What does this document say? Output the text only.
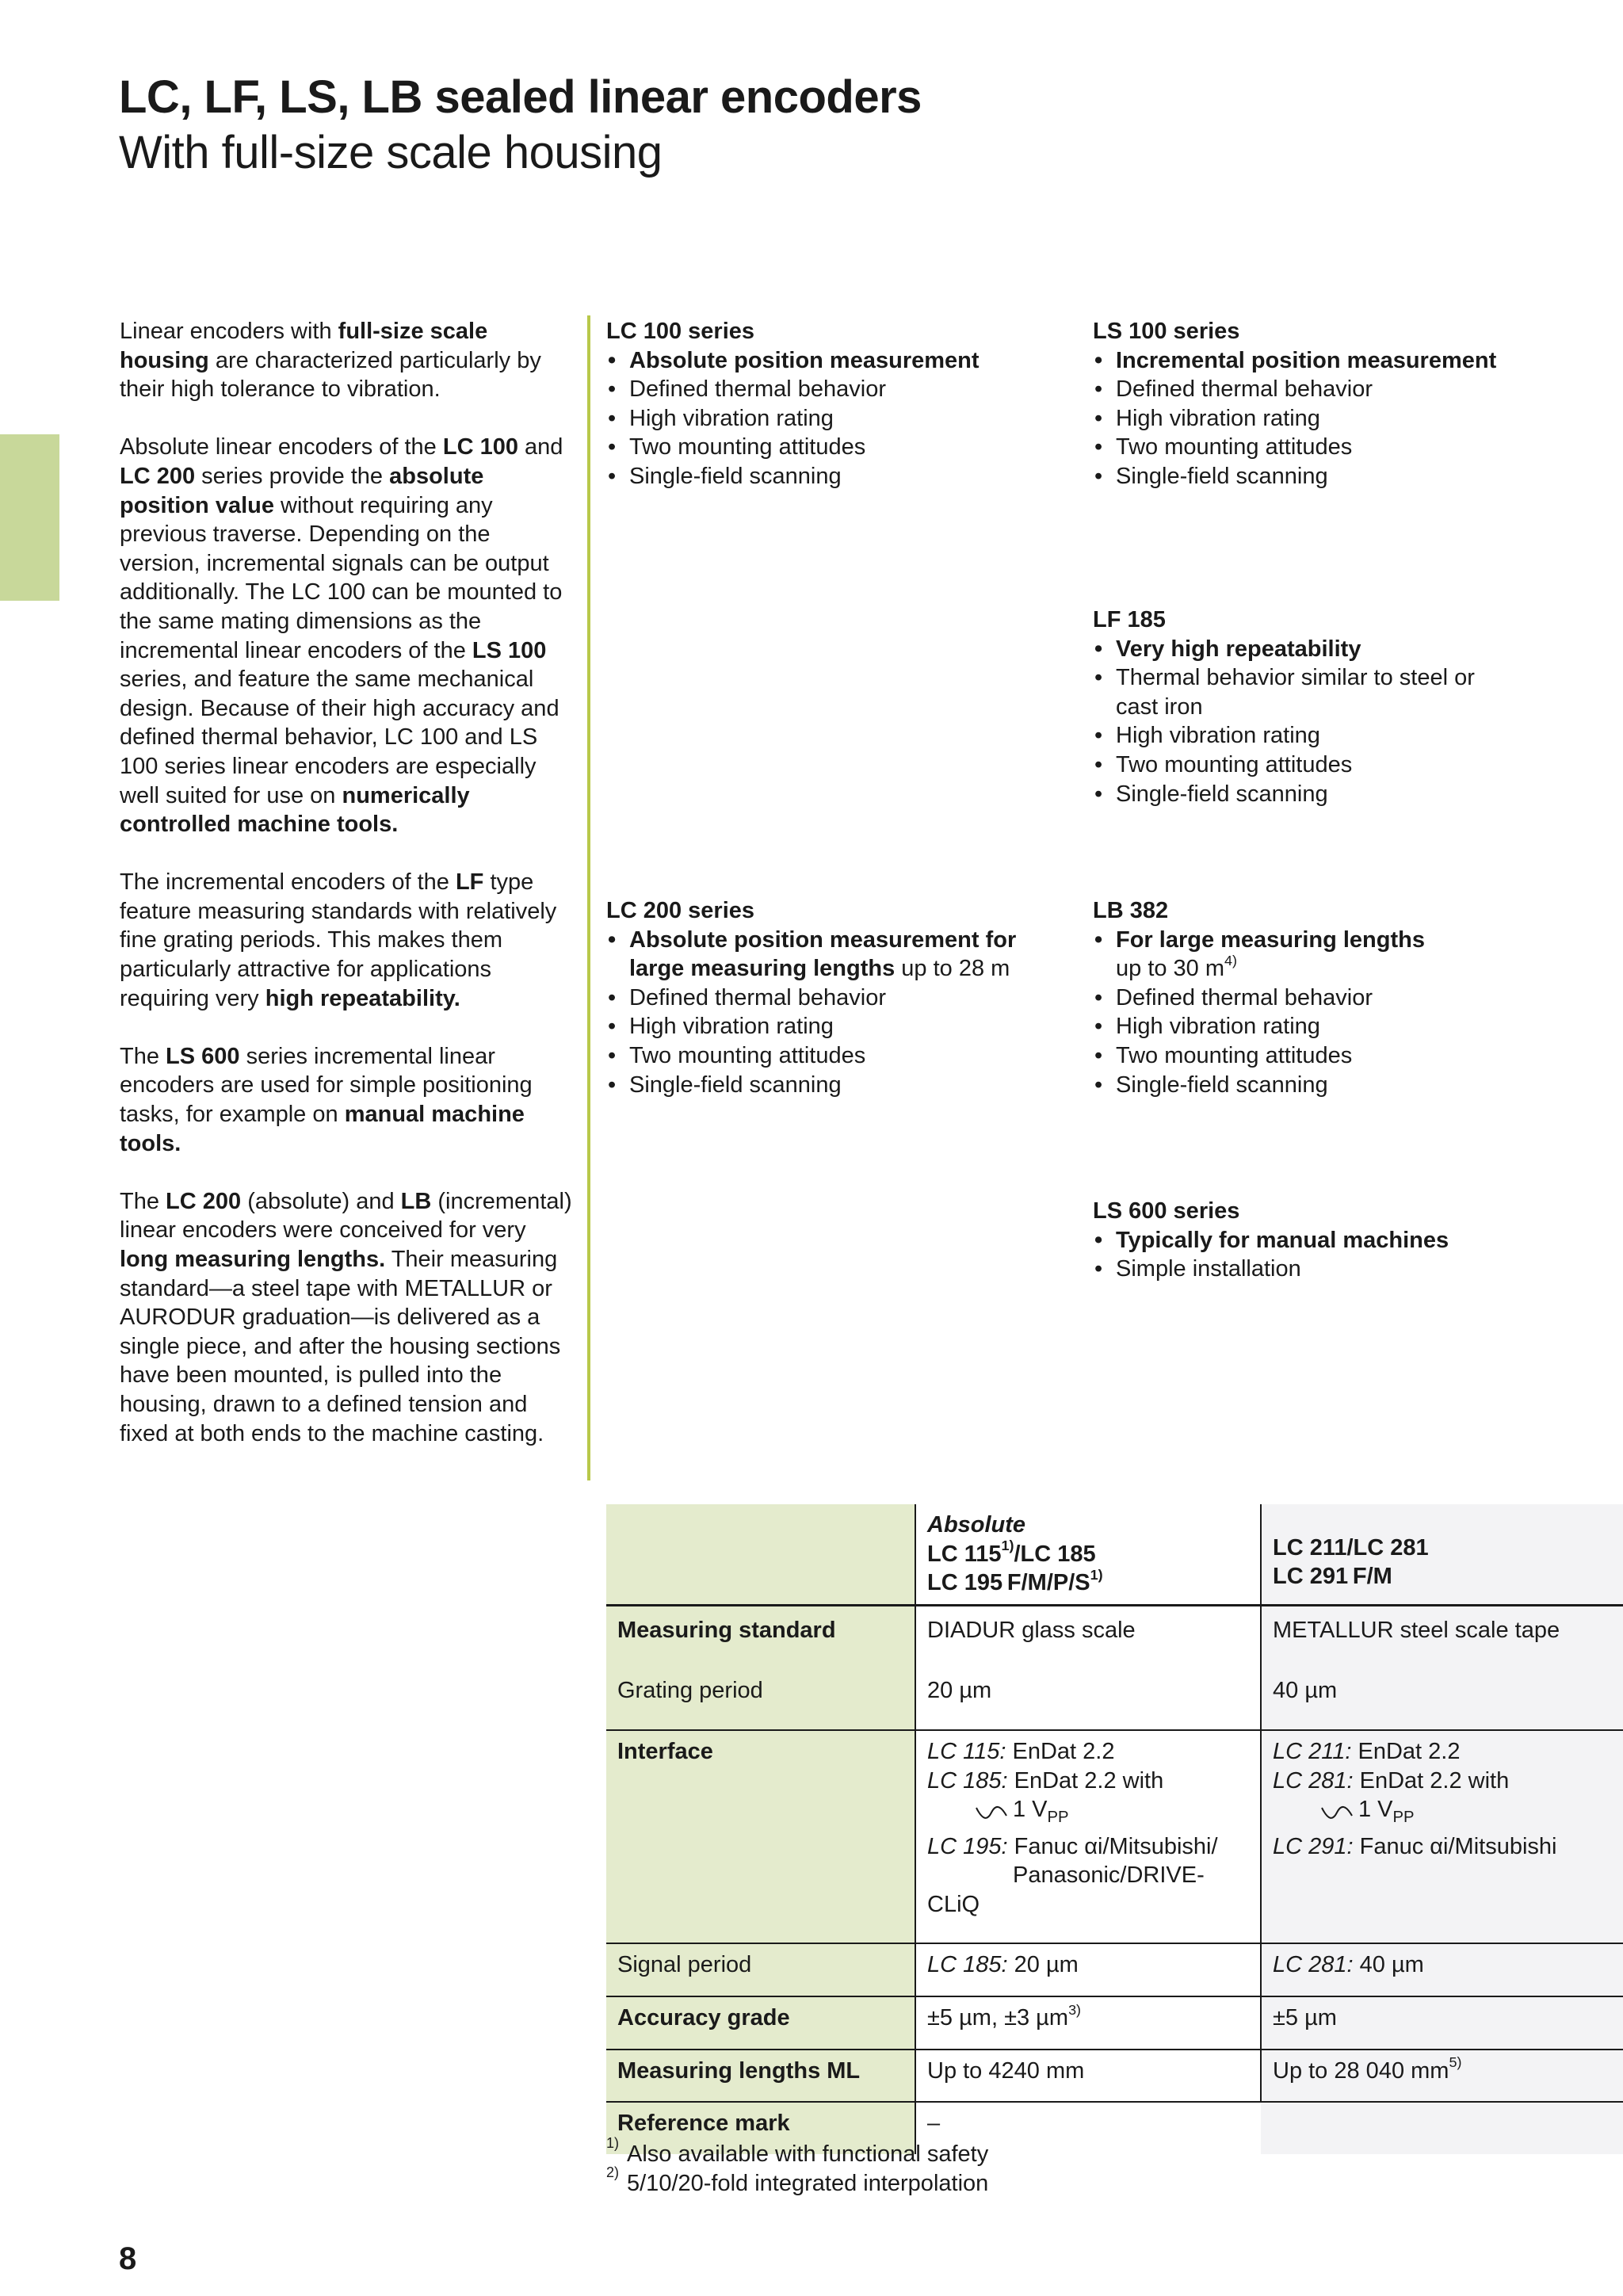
LC, LF, LS, LB sealed linear encoders
With full-size scale housing

Linear encoders with full-size scale housing are characterized particularly by their high tolerance to vibration.

Absolute linear encoders of the LC 100 and LC 200 series provide the absolute position value without requiring any previous traverse. Depending on the version, incremental signals can be output additionally. The LC 100 can be mounted to the same mating dimensions as the incremental linear encoders of the LS 100 series, and feature the same mechanical design. Because of their high accuracy and defined thermal behavior, LC 100 and LS 100 series linear encoders are especially well suited for use on numerically controlled machine tools.

The incremental encoders of the LF type feature measuring standards with relatively fine grating periods. This makes them particularly attractive for applications requiring very high repeatability.

The LS 600 series incremental linear encoders are used for simple positioning tasks, for example on manual machine tools.

The LC 200 (absolute) and LB (incremental) linear encoders were conceived for very long measuring lengths. Their measuring standard—a steel tape with METALLUR or AURODUR graduation—is delivered as a single piece, and after the housing sections have been mounted, is pulled into the housing, drawn to a defined tension and fixed at both ends to the machine casting.

LC 100 series
• Absolute position measurement
• Defined thermal behavior
• High vibration rating
• Two mounting attitudes
• Single-field scanning
LS 100 series
• Incremental position measurement
• Defined thermal behavior
• High vibration rating
• Two mounting attitudes
• Single-field scanning
LF 185
• Very high repeatability
• Thermal behavior similar to steel or cast iron
• High vibration rating
• Two mounting attitudes
• Single-field scanning
LC 200 series
• Absolute position measurement for large measuring lengths up to 28 m
• Defined thermal behavior
• High vibration rating
• Two mounting attitudes
• Single-field scanning
LB 382
• For large measuring lengths
up to 30 $m^{4)}$
• Defined thermal behavior
• High vibration rating
• Two mounting attitudes
• Single-field scanning
LS 600 series
• Typically for manual machines
• Simple installation
	Absolute
LC 115$^{1)}$/LC 185
LC 195 $F/M/P/S^{1)}$	LC 211/LC 281
LC 291 F/M
Measuring standard	DIADUR glass scale	METALLUR steel scale tape
Grating period	20 µm	40 µm
Interface	LC 115: EnDat 2.2
LC 185: EnDat 2.2 with
1 $V_{PP}$
LC 195: Fanuc αi/Mitsubishi/
Panasonic/DRIVE-CLiQ	LC 211: EnDat 2.2
LC 281: EnDat 2.2 with
1 $V_{PP}$
LC 291: Fanuc αi/Mitsubishi
Signal period	LC 185: 20 µm	LC 281: 40 µm
Accuracy grade	±5 µm, ±3 µm$^{3)}$	±5 µm
Measuring lengths ML	Up to 4240 mm	Up to 28 040 $mm^{5)}$
Reference mark	–	
1) Also available with functional safety
2) 5/10/20-fold integrated interpolation
8
